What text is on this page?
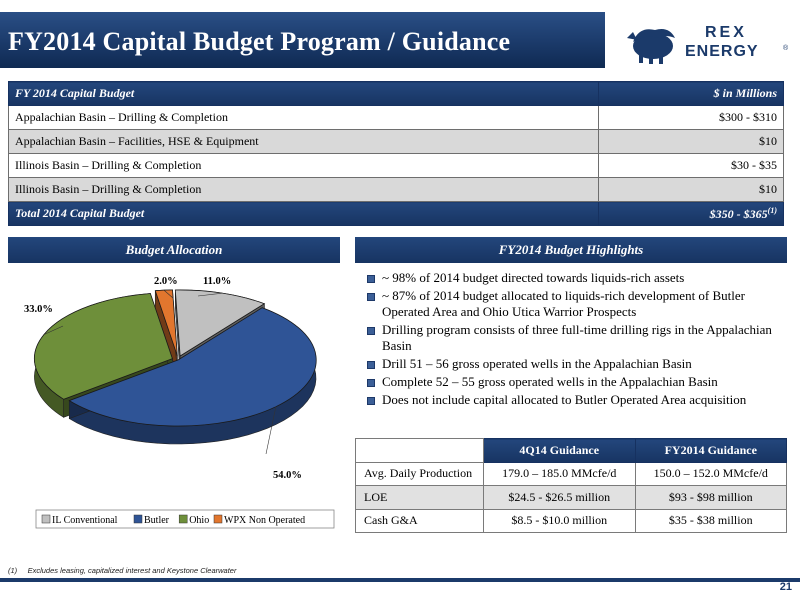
FY2014 Capital Budget Program / Guidance	REX
ENERGY	®
FY 2014 Capital Budget	$ in Millions
Appalachian Basin – Drilling & Completion	$300 - $310
Appalachian Basin – Facilities, HSE & Equipment	$10
Illinois Basin – Drilling & Completion	$30 - $35
Illinois Basin – Drilling & Completion	$10
Total 2014 Capital Budget	$350 - $365$^{(1)}$
Budget Allocation	FY2014 Budget Highlights
11.0%
54.0%
33.0%
2.0%
IL Conventional	Butler Ohio WPX Non Operated
~ 98% of 2014 budget directed towards liquids-rich assets
~ 87% of 2014 budget allocated to liquids-rich development of Butler Operated Area and Ohio Utica Warrior Prospects
Drilling program consists of three full-time drilling rigs in the Appalachian Basin
Drill 51 – 56 gross operated wells in the Appalachian Basin
Complete 52 – 55 gross operated wells in the Appalachian Basin
Does not include capital allocated to Butler Operated Area acquisition
	4Q14 Guidance	FY2014 Guidance
Avg. Daily Production	179.0 – 185.0 MMcfe/d	150.0 – 152.0 MMcfe/d
LOE	$24.5 - $26.5 million	$93 - $98 million
Cash G&A	$8.5 - $10.0 million	$35 - $38 million
(1) Excludes leasing, capitalized interest and Keystone Clearwater
21
